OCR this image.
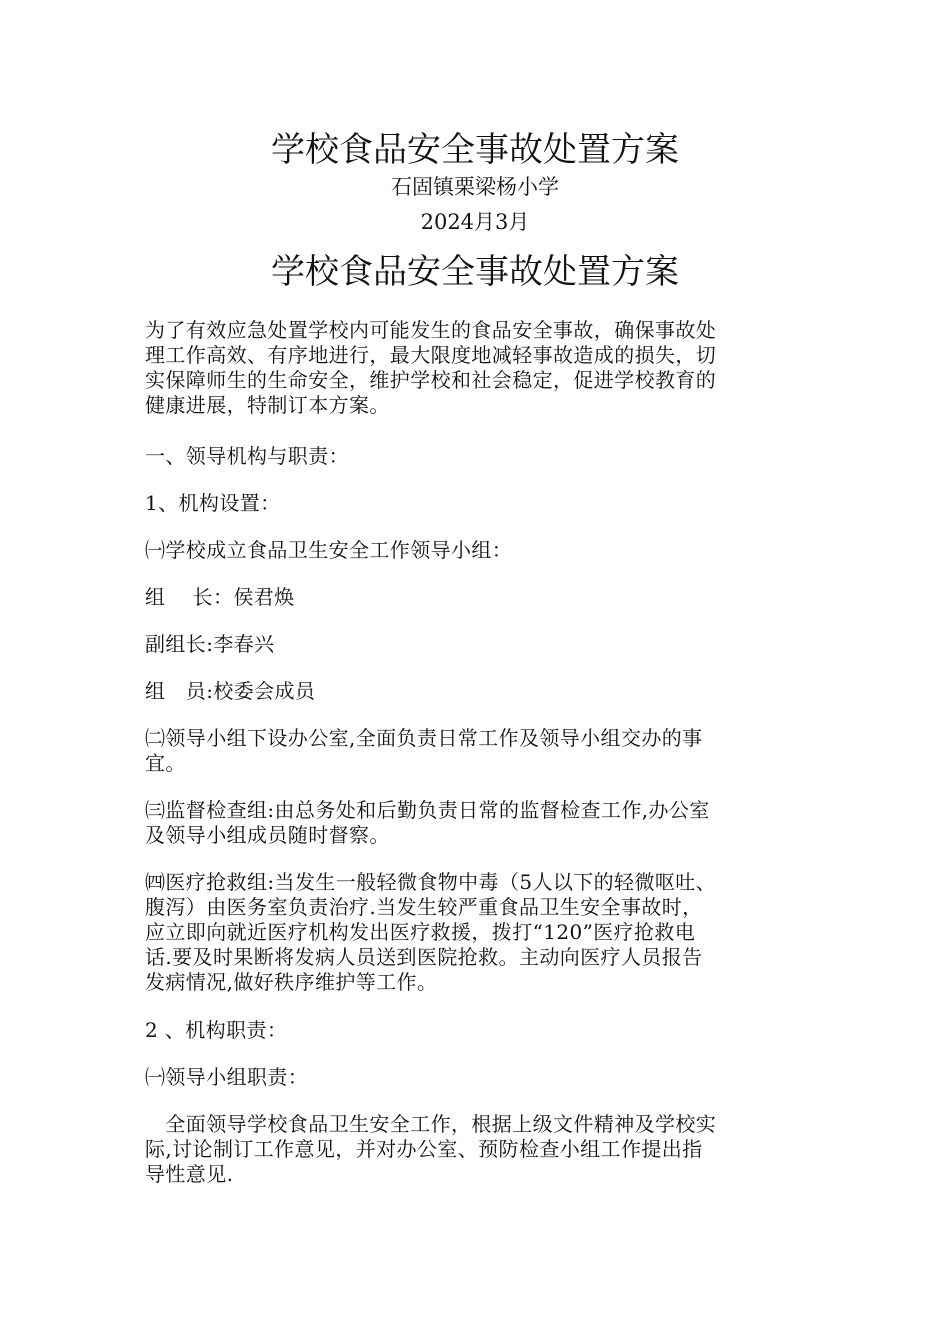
学校食品安全事故处置方案
石固镇栗梁杨小学
2024月3月
学校食品安全事故处置方案

为了有效应急处置学校内可能发生的食品安全事故，确保事故处
理工作高效、有序地进行，最大限度地减轻事故造成的损失，切
实保障师生的生命安全，维护学校和社会稳定，促进学校教育的
健康进展，特制订本方案。

一、领导机构与职责：

1、机构设置：

㈠学校成立食品卫生安全工作领导小组：

组　 长：侯君焕

副组长:李春兴

组　员:校委会成员

㈡领导小组下设办公室,全面负责日常工作及领导小组交办的事
宜。

㈢监督检查组:由总务处和后勤负责日常的监督检查工作,办公室
及领导小组成员随时督察。

㈣医疗抢救组:当发生一般轻微食物中毒（5人以下的轻微呕吐、
腹泻）由医务室负责治疗.当发生较严重食品卫生安全事故时，
应立即向就近医疗机构发出医疗救援，拨打“120”医疗抢救电
话.要及时果断将发病人员送到医院抢救。主动向医疗人员报告
发病情况,做好秩序维护等工作。

2 、机构职责：

㈠领导小组职责：

　全面领导学校食品卫生安全工作，根据上级文件精神及学校实
际,讨论制订工作意见，并对办公室、预防检查小组工作提出指
导性意见.
